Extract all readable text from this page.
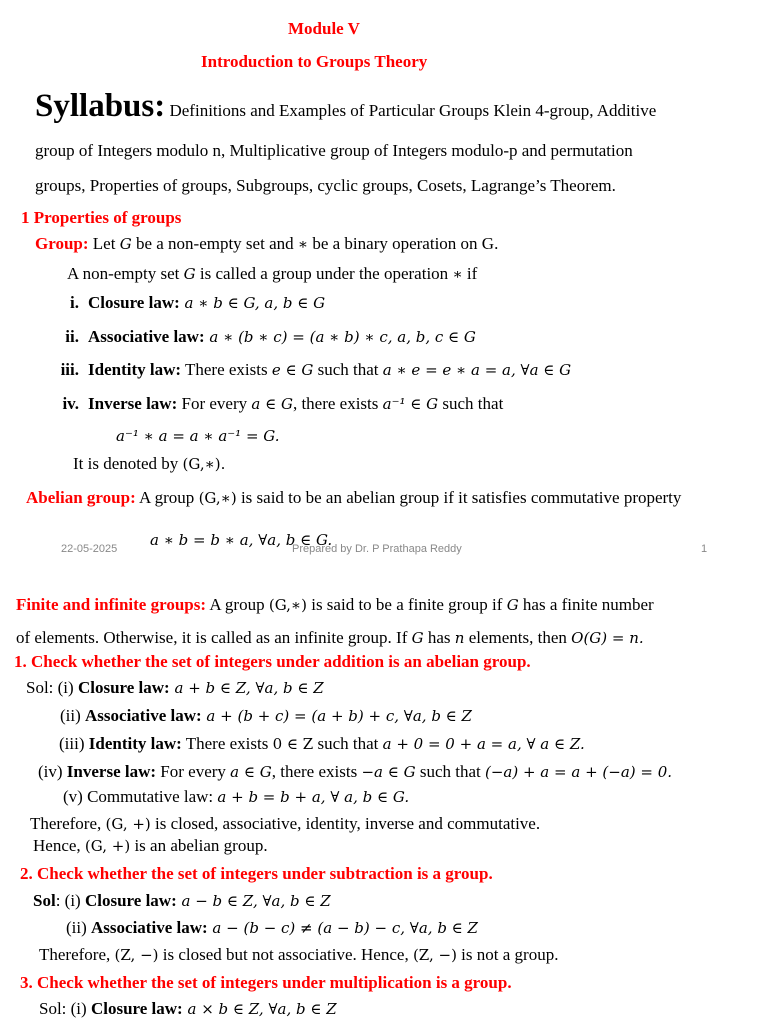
Module V
Introduction to Groups Theory
Syllabus: Definitions and Examples of Particular Groups Klein 4-group, Additive
group of Integers modulo n, Multiplicative group of Integers modulo-p and permutation
groups, Properties of groups, Subgroups, cyclic groups, Cosets, Lagrange’s Theorem.
1 Properties of groups
Group: Let G be a non-empty set and ∗ be a binary operation on G.
A non-empty set G is called a group under the operation ∗ if
i. Closure law: a ∗ b ∈ G, a, b ∈ G
ii. Associative law: a ∗ (b ∗ c) = (a ∗ b) ∗ c, a, b, c ∈ G
iii. Identity law: There exists e ∈ G such that a ∗ e = e ∗ a = a, ∀a ∈ G
iv. Inverse law: For every a ∈ G, there exists a⁻¹ ∈ G such that
a⁻¹ ∗ a = a ∗ a⁻¹ = G.
It is denoted by (G,∗).
Abelian group: A group (G,∗) is said to be an abelian group if it satisfies commutative property
a ∗ b = b ∗ a, ∀a, b ∈ G.
22-05-2025	Prepared by Dr. P Prathapa Reddy	1
Finite and infinite groups: A group (G,∗) is said to be a finite group if G has a finite number
of elements. Otherwise, it is called as an infinite group. If G has n elements, then O(G) = n.
1. Check whether the set of integers under addition is an abelian group.
Sol: (i) Closure law: a + b ∈ Z, ∀a, b ∈ Z
(ii) Associative law: a + (b + c) = (a + b) + c, ∀a, b ∈ Z
(iii) Identity law: There exists 0 ∈ Z such that a + 0 = 0 + a = a, ∀ a ∈ Z.
(iv) Inverse law: For every a ∈ G, there exists −a ∈ G such that (−a) + a = a + (−a) = 0.
(v) Commutative law: a + b = b + a, ∀ a, b ∈ G.
Therefore, (G, +) is closed, associative, identity, inverse and commutative.
Hence, (G, +) is an abelian group.
2. Check whether the set of integers under subtraction is a group.
Sol: (i) Closure law: a − b ∈ Z, ∀a, b ∈ Z
(ii) Associative law: a − (b − c) ≠ (a − b) − c, ∀a, b ∈ Z
Therefore, (Z, −) is closed but not associative. Hence, (Z, −) is not a group.
3. Check whether the set of integers under multiplication is a group.
Sol: (i) Closure law: a × b ∈ Z, ∀a, b ∈ Z
